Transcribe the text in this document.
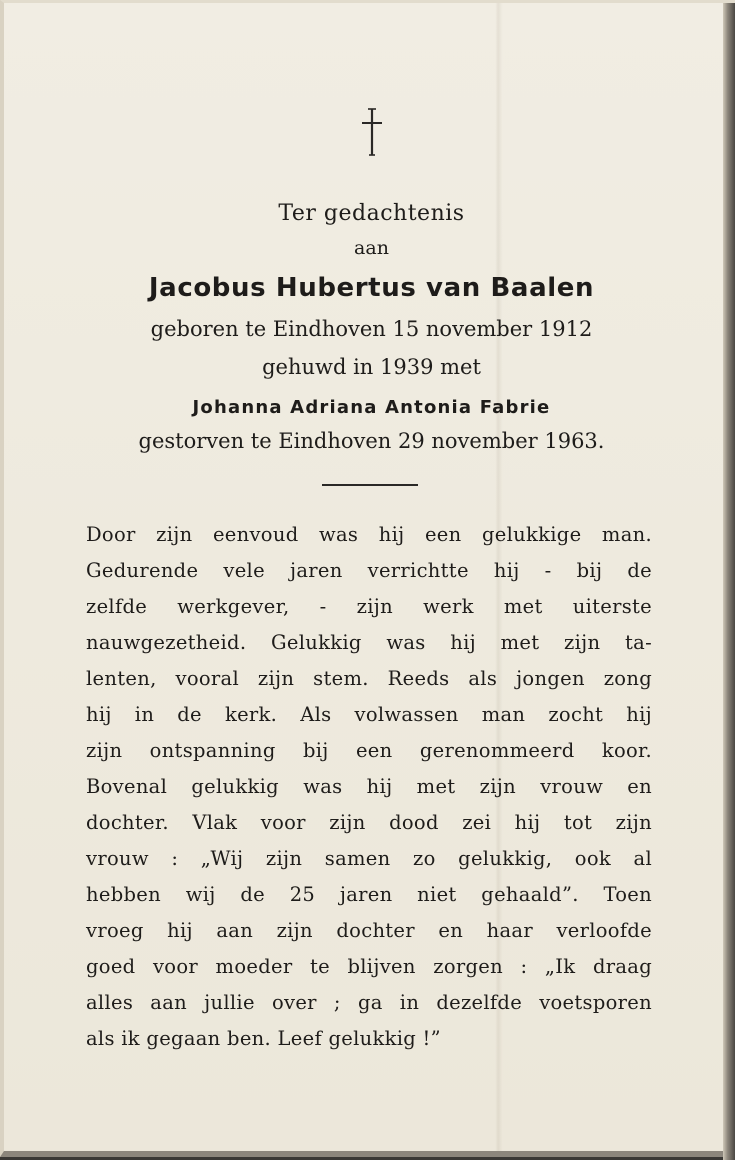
Ter gedachtenis
aan
Jacobus Hubertus van Baalen
geboren te Eindhoven 15 november 1912
gehuwd in 1939 met
Johanna Adriana Antonia Fabrie
gestorven te Eindhoven 29 november 1963.
Door zijn eenvoud was hij een gelukkige man.
Gedurende vele jaren verrichtte hij - bij de
zelfde werkgever, - zijn werk met uiterste
nauwgezetheid. Gelukkig was hij met zijn ta-
lenten, vooral zijn stem. Reeds als jongen zong
hij in de kerk. Als volwassen man zocht hij
zijn ontspanning bij een gerenommeerd koor.
Bovenal gelukkig was hij met zijn vrouw en
dochter. Vlak voor zijn dood zei hij tot zijn
vrouw : „Wij zijn samen zo gelukkig, ook al
hebben wij de 25 jaren niet gehaald”. Toen
vroeg hij aan zijn dochter en haar verloofde
goed voor moeder te blijven zorgen : „Ik draag
alles aan jullie over ; ga in dezelfde voetsporen
als ik gegaan ben. Leef gelukkig !”
